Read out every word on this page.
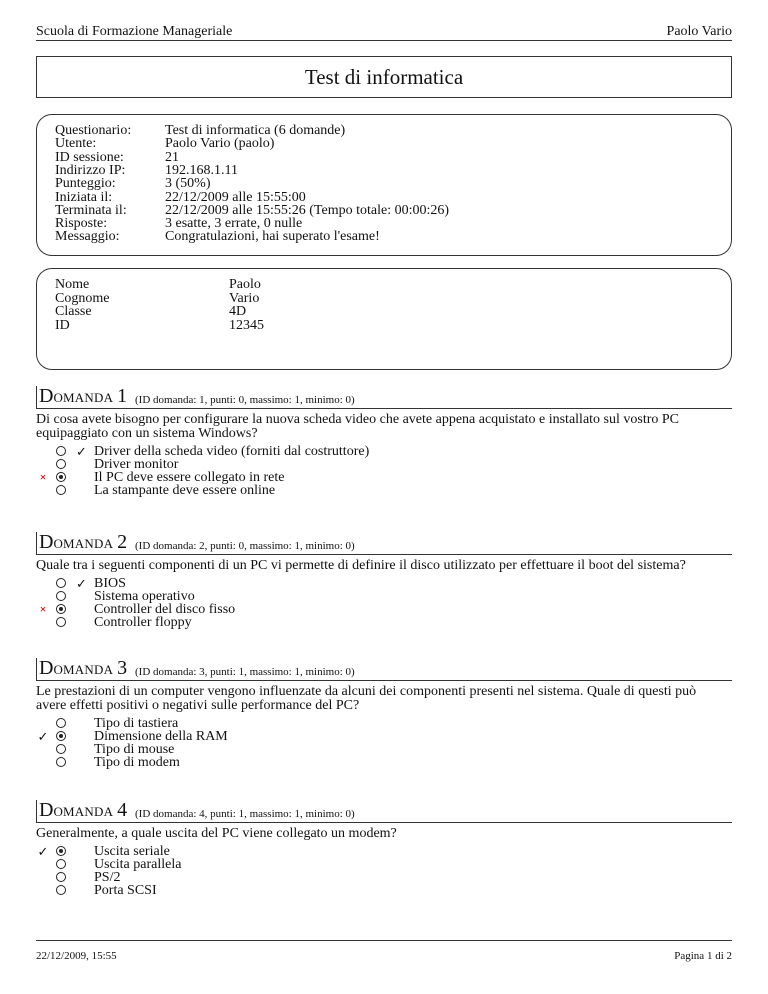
Scuola di Formazione Manageriale	Paolo Vario
Test di informatica
Questionario:	Test di informatica (6 domande)
Utente:	Paolo Vario (paolo)
ID sessione:	21
Indirizzo IP:	192.168.1.11
Punteggio:	3 (50%)
Iniziata il:	22/12/2009 alle 15:55:00
Terminata il:	22/12/2009 alle 15:55:26 (Tempo totale: 00:00:26)
Risposte:	3 esatte, 3 errate, 0 nulle
Messaggio:	Congratulazioni, hai superato l'esame!
Nome	Paolo
Cognome	Vario
Classe	4D
ID	12345
DOMANDA 1 (ID domanda: 1, punti: 0, massimo: 1, minimo: 0)
Di cosa avete bisogno per configurare la nuova scheda video che avete appena acquistato e installato sul vostro PC
equipaggiato con un sistema Windows?
✓ Driver della scheda video (forniti dal costruttore)
Driver monitor
×	Il PC deve essere collegato in rete
La stampante deve essere online
DOMANDA 2 (ID domanda: 2, punti: 0, massimo: 1, minimo: 0)
Quale tra i seguenti componenti di un PC vi permette di definire il disco utilizzato per effettuare il boot del sistema?
✓ BIOS
Sistema operativo
×	Controller del disco fisso
Controller floppy
DOMANDA 3 (ID domanda: 3, punti: 1, massimo: 1, minimo: 0)
Le prestazioni di un computer vengono influenzate da alcuni dei componenti presenti nel sistema. Quale di questi può
avere effetti positivi o negativi sulle performance del PC?
Tipo di tastiera
✓	Dimensione della RAM
Tipo di mouse
Tipo di modem
DOMANDA 4 (ID domanda: 4, punti: 1, massimo: 1, minimo: 0)
Generalmente, a quale uscita del PC viene collegato un modem?
✓	Uscita seriale
Uscita parallela
PS/2
Porta SCSI
22/12/2009, 15:55	Pagina 1 di 2
